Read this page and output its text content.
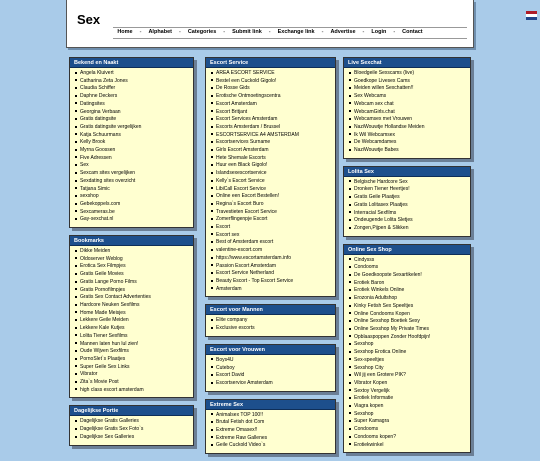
Sex
Home - Alphabet - Categories - Submit link - Exchange link - Advertise - Login - Contact
Bekend en Naakt
Angela Kluivert
Catharina Zeta Jones
Claudia Schiffer
Daphne Deckers
Datingsites
Georgina Verbaan
Gratis datingsite
Gratis datingsite vergelijken
Katja Schuurmans
Kelly Brook
Myrna Goossen
Five Adressen
Sex
Sexcam sites vergelijken
Sexdating sites overzicht
Tatjana Simic
sexshop
Gebekoppels.com
Sexcameras.be
Gay-sexchat.nl
Bookmarks
Dikke Meiden
Oldoserver Weblog
Erotica Sex Filmpjes
Gratis Geile Movies
Gratis Lange Porno Films
Gratis Pornofilmpjes
Gratis Sex Contact Advertenties
Hardcore Neuken Sexfilms
Home Made Meisjes
Lekkere Geile Meiden
Lekkere Kale Kutjes
Lolita Tiener Sexfilms
Mannen laten hun lul zien!
Oude Wijven Sexfilms
PornoSlet`s Plaatjes
Super Geile Sex Links
Vibrator
Zita`s Movie Post
high class escort amsterdam
Dagelijkse Portie
Dagelijkse Gratis Galleries
Dagelijkse Gratis Sex Foto`s
Dagelijkse Sex Galleries
Escort Service
AREA ESCORT SERVICE
Bestel een Cuckold Gigolo!
De Rosse Gids
Erotische Ontmoetingscentra
Escort Amsterdam
Escort Britjant
Escort Services Amsterdam
Escorts Amsterdam / Brussel
ESCORTSERVICE A4 AMSTERDAM
Escortservices Surname
Girls Escort Amsterdam
Hete Shemale Escorts
Huur een Black Gigolo!
Islandsexescortservice
Kelly`s Escort Service
LibiCall Escort Service
Online een Escort Bestellen!
Regina`s Escort Buro
Travestieten Escort Service
Zomerflingenpje Escort
Escort
Escort sex
Best of Amsterdam escort
valentine-escort.com
https://www.escortamsterdam.info
Passion Escort Amsterdam
Escort Service Netherland
Beauty Escort - Top Escort Service
Amsterdam
Escort voor Mannen
Elite company
Exclusive escorts
Escort voor Vrouwen
Boys4U
Cuteboy
Escort David
Escortservice Amsterdam
Extreme Sex
Animalsex TOP 100!!
Brutal Fetish dot Com
Extreme Omasex!!
Extreme Raw Gallenes
Geile Cuckold Video`s
Live Sexchat
Bloedgeile Sexscams (live)
Goedkope Livesex Cams
Meiden willen Sexchatten!!
Sex Webcams
Webcam sex chat
WebcamGirls.chat
Webcamsex met Vrouwen
NaziWouwtje Hollandse Meiden
Ik Wil Webcamsex
De Webcamdames
NaziWouwtje Babes
Lolita Sex
Belgische Hardcore Sex
Dronken Tiener Heertjes!
Gratis Geile Plaatjes
Gratis Lolitasex Plaatjes
Interracial Sexfilms
Ondeugende Lolita Sletjes
Zongen,Pijpen & Slikken
Online Sex Shop
Cindysss
Condooms
De Goedkoopste Sexartikelen!
Erotiek Baron
Erotiek Winkels Online
Erozonia Adultshop
Kinky Fetish Sex Speeltjes
Online Condooms Kopen
Online Sexshop Boetiek Sexy
Online Sexshop My Private Times
Opblaaspoppen Zonder Hoofdpijn!
Sexshop
Sexshop Erotica Online
Sex-speeltjes
Sexshop City
Wil jij een Grotere PIK?
Vibrator Kopen
Sextoy Vergelijk
Erotiek Informatie
Viagra kopen
Sexshop
Super Kamagra
Condooms
Condooms kopen?
Erotiekwinkel
